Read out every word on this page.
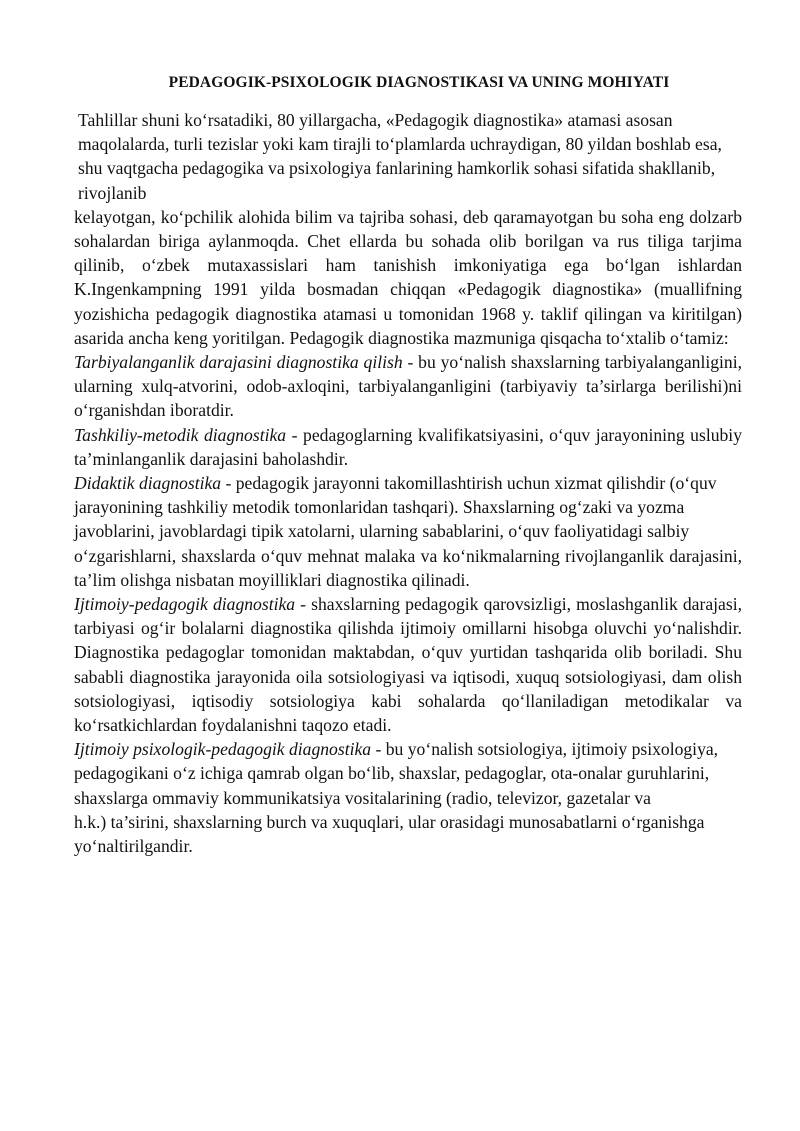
PEDAGOGIK-PSIXOLOGIK DIAGNOSTIKASI VA UNING MOHIYATI

Tahlillar shuni ko‘rsatadiki, 80 yillargacha, «Pedagogik diagnostika» atamasi asosan maqolalarda, turli tezislar yoki kam tirajli to‘plamlarda uchraydigan, 80 yildan boshlab esa, shu vaqtgacha pedagogika va psixologiya fanlarining hamkorlik sohasi sifatida shakllanib, rivojlanib

kelayotgan, ko‘pchilik alohida bilim va tajriba sohasi, deb qaramayotgan bu soha eng dolzarb sohalardan biriga aylanmoqda. Chet ellarda bu sohada olib borilgan va rus tiliga tarjima qilinib, o‘zbek mutaxassislari ham tanishish imkoniyatiga ega bo‘lgan ishlardan K.Ingenkampning 1991 yilda bosmadan chiqqan «Pedagogik diagnostika» (muallifning yozishicha pedagogik diagnostika atamasi u tomonidan 1968 y. taklif qilingan va kiritilgan) asarida ancha keng yoritilgan. Pedagogik diagnostika mazmuniga qisqacha to‘xtalib o‘tamiz:

Tarbiyalanganlik darajasini diagnostika qilish - bu yo‘nalish shaxslarning tarbiyalanganligini, ularning xulq-atvorini, odob-axloqini, tarbiyalanganligini (tarbiyaviy ta’sirlarga berilishi)ni o‘rganishdan iboratdir.

Tashkiliy-metodik diagnostika - pedagoglarning kvalifikatsiyasini, o‘quv jarayonining uslubiy ta’minlanganlik darajasini baholashdir.

Didaktik diagnostika - pedagogik jarayonni takomillashtirish uchun xizmat qilishdir (o‘quv jarayonining tashkiliy metodik tomonlaridan tashqari). Shaxslarning og‘zaki va yozma javoblarini, javoblardagi tipik xatolarni, ularning sabablarini, o‘quv faoliyatidagi salbiy

o‘zgarishlarni, shaxslarda o‘quv mehnat malaka va ko‘nikmalarning rivojlanganlik darajasini, ta’lim olishga nisbatan moyilliklari diagnostika qilinadi.

Ijtimoiy-pedagogik diagnostika - shaxslarning pedagogik qarovsizligi, moslashganlik darajasi, tarbiyasi og‘ir bolalarni diagnostika qilishda ijtimoiy omillarni hisobga oluvchi yo‘nalishdir. Diagnostika pedagoglar tomonidan maktabdan, o‘quv yurtidan tashqarida olib boriladi. Shu sababli diagnostika jarayonida oila sotsiologiyasi va iqtisodi, xuquq sotsiologiyasi, dam olish sotsiologiyasi, iqtisodiy sotsiologiya kabi sohalarda qo‘llaniladigan metodikalar va ko‘rsatkichlardan foydalanishni taqozo etadi.

Ijtimoiy psixologik-pedagogik diagnostika - bu yo‘nalish sotsiologiya, ijtimoiy psixologiya, pedagogikani o‘z ichiga qamrab olgan bo‘lib, shaxslar, pedagoglar, ota-onalar guruhlarini, shaxslarga ommaviy kommunikatsiya vositalarining (radio, televizor, gazetalar va

h.k.) ta’sirini, shaxslarning burch va xuquqlari, ular orasidagi munosabatlarni o‘rganishga yo‘naltirilgandir.
